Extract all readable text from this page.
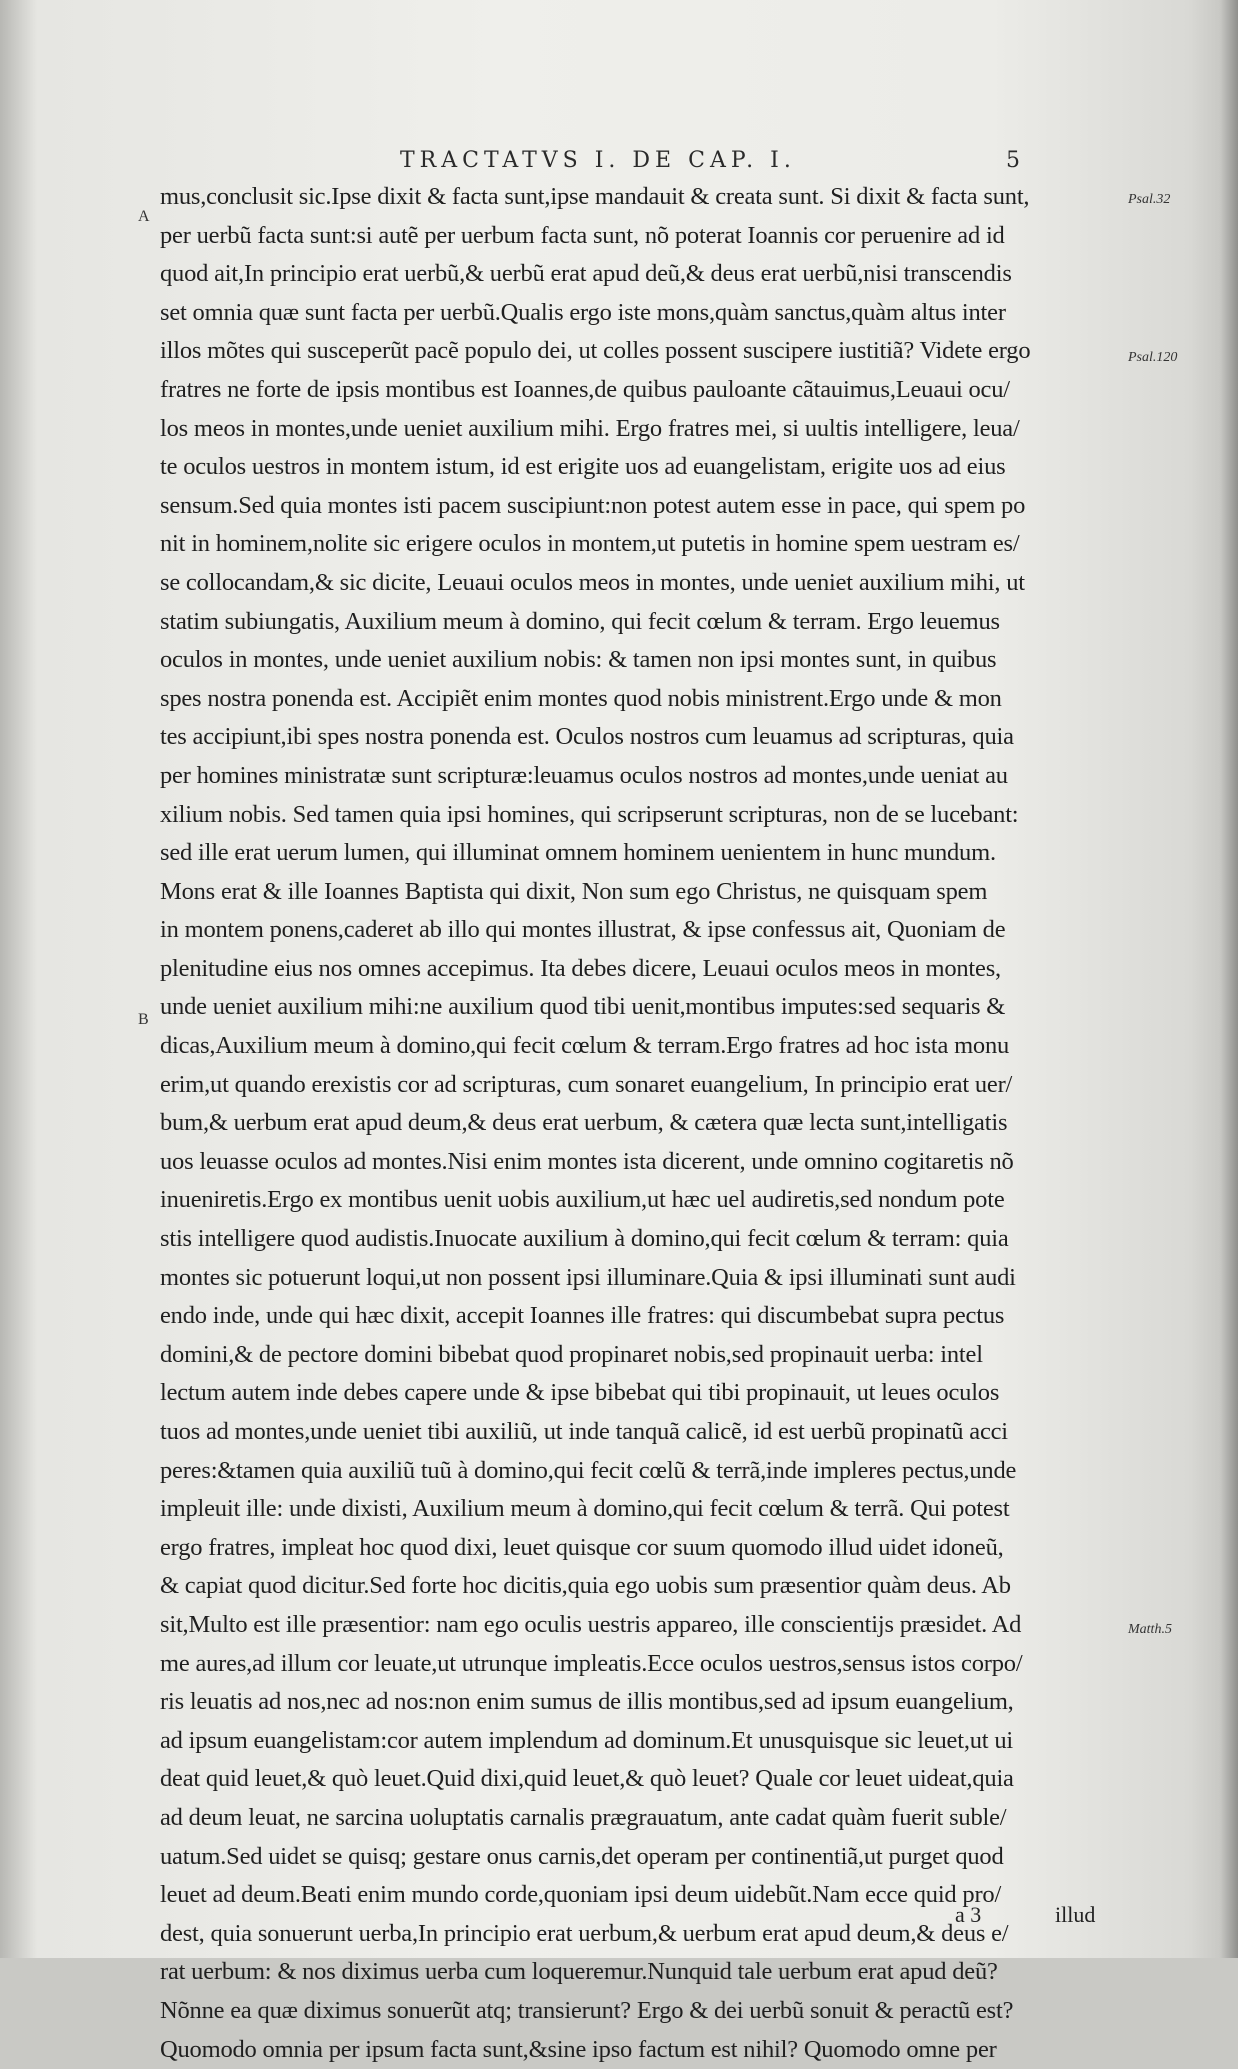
TRACTATVS I. DE CAP. I.	5
A
B
Psal.32
Psal.120
Matth.5
mus,conclusit sic.Ipse dixit & facta sunt,ipse mandauit & creata sunt. Si dixit & facta sunt,
per uerbũ facta sunt:si autẽ per uerbum facta sunt, nõ poterat Ioannis cor peruenire ad id
quod ait,In principio erat uerbũ,& uerbũ erat apud deũ,& deus erat uerbũ,nisi transcendis
set omnia quæ sunt facta per uerbũ.Qualis ergo iste mons,quàm sanctus,quàm altus inter
illos mõtes qui susceperũt pacẽ populo dei, ut colles possent suscipere iustitiã? Videte ergo
fratres ne forte de ipsis montibus est Ioannes,de quibus pauloante cãtauimus,Leuaui ocu/
los meos in montes,unde ueniet auxilium mihi. Ergo fratres mei, si uultis intelligere, leua/
te oculos uestros in montem istum, id est erigite uos ad euangelistam, erigite uos ad eius
sensum.Sed quia montes isti pacem suscipiunt:non potest autem esse in pace, qui spem po
nit in hominem,nolite sic erigere oculos in montem,ut putetis in homine spem uestram es/
se collocandam,& sic dicite, Leuaui oculos meos in montes, unde ueniet auxilium mihi, ut
statim subiungatis, Auxilium meum à domino, qui fecit cœlum & terram. Ergo leuemus
oculos in montes, unde ueniet auxilium nobis: & tamen non ipsi montes sunt, in quibus
spes nostra ponenda est. Accipiẽt enim montes quod nobis ministrent.Ergo unde & mon
tes accipiunt,ibi spes nostra ponenda est. Oculos nostros cum leuamus ad scripturas, quia
per homines ministratæ sunt scripturæ:leuamus oculos nostros ad montes,unde ueniat au
xilium nobis. Sed tamen quia ipsi homines, qui scripserunt scripturas, non de se lucebant:
sed ille erat uerum lumen, qui illuminat omnem hominem uenientem in hunc mundum.
Mons erat & ille Ioannes Baptista qui dixit, Non sum ego Christus, ne quisquam spem
in montem ponens,caderet ab illo qui montes illustrat, & ipse confessus ait, Quoniam de
plenitudine eius nos omnes accepimus. Ita debes dicere, Leuaui oculos meos in montes,
unde ueniet auxilium mihi:ne auxilium quod tibi uenit,montibus imputes:sed sequaris &
dicas,Auxilium meum à domino,qui fecit cœlum & terram.Ergo fratres ad hoc ista monu
erim,ut quando erexistis cor ad scripturas, cum sonaret euangelium, In principio erat uer/
bum,& uerbum erat apud deum,& deus erat uerbum, & cætera quæ lecta sunt,intelligatis
uos leuasse oculos ad montes.Nisi enim montes ista dicerent, unde omnino cogitaretis nõ
inueniretis.Ergo ex montibus uenit uobis auxilium,ut hæc uel audiretis,sed nondum pote
stis intelligere quod audistis.Inuocate auxilium à domino,qui fecit cœlum & terram: quia
montes sic potuerunt loqui,ut non possent ipsi illuminare.Quia & ipsi illuminati sunt audi
endo inde, unde qui hæc dixit, accepit Ioannes ille fratres: qui discumbebat supra pectus
domini,& de pectore domini bibebat quod propinaret nobis,sed propinauit uerba: intel
lectum autem inde debes capere unde & ipse bibebat qui tibi propinauit, ut leues oculos
tuos ad montes,unde ueniet tibi auxiliũ, ut inde tanquã calicẽ, id est uerbũ propinatũ acci
peres:&tamen quia auxiliũ tuũ à domino,qui fecit cœlũ & terrã,inde impleres pectus,unde
impleuit ille: unde dixisti, Auxilium meum à domino,qui fecit cœlum & terrã. Qui potest
ergo fratres, impleat hoc quod dixi, leuet quisque cor suum quomodo illud uidet idoneũ,
& capiat quod dicitur.Sed forte hoc dicitis,quia ego uobis sum præsentior quàm deus. Ab
sit,Multo est ille præsentior: nam ego oculis uestris appareo, ille conscientijs præsidet. Ad
me aures,ad illum cor leuate,ut utrunque impleatis.Ecce oculos uestros,sensus istos corpo/
ris leuatis ad nos,nec ad nos:non enim sumus de illis montibus,sed ad ipsum euangelium,
ad ipsum euangelistam:cor autem implendum ad dominum.Et unusquisque sic leuet,ut ui
deat quid leuet,& quò leuet.Quid dixi,quid leuet,& quò leuet? Quale cor leuet uideat,quia
ad deum leuat, ne sarcina uoluptatis carnalis prægrauatum, ante cadat quàm fuerit suble/
uatum.Sed uidet se quisq; gestare onus carnis,det operam per continentiã,ut purget quod
leuet ad deum.Beati enim mundo corde,quoniam ipsi deum uidebũt.Nam ecce quid pro/
dest, quia sonuerunt uerba,In principio erat uerbum,& uerbum erat apud deum,& deus e/
rat uerbum: & nos diximus uerba cum loqueremur.Nunquid tale uerbum erat apud deũ?
Nõnne ea quæ diximus sonuerũt atq; transierunt? Ergo & dei uerbũ sonuit & peractũ est?
Quomodo omnia per ipsum facta sunt,&sine ipso factum est nihil? Quomodo omne per
a 3	illud
